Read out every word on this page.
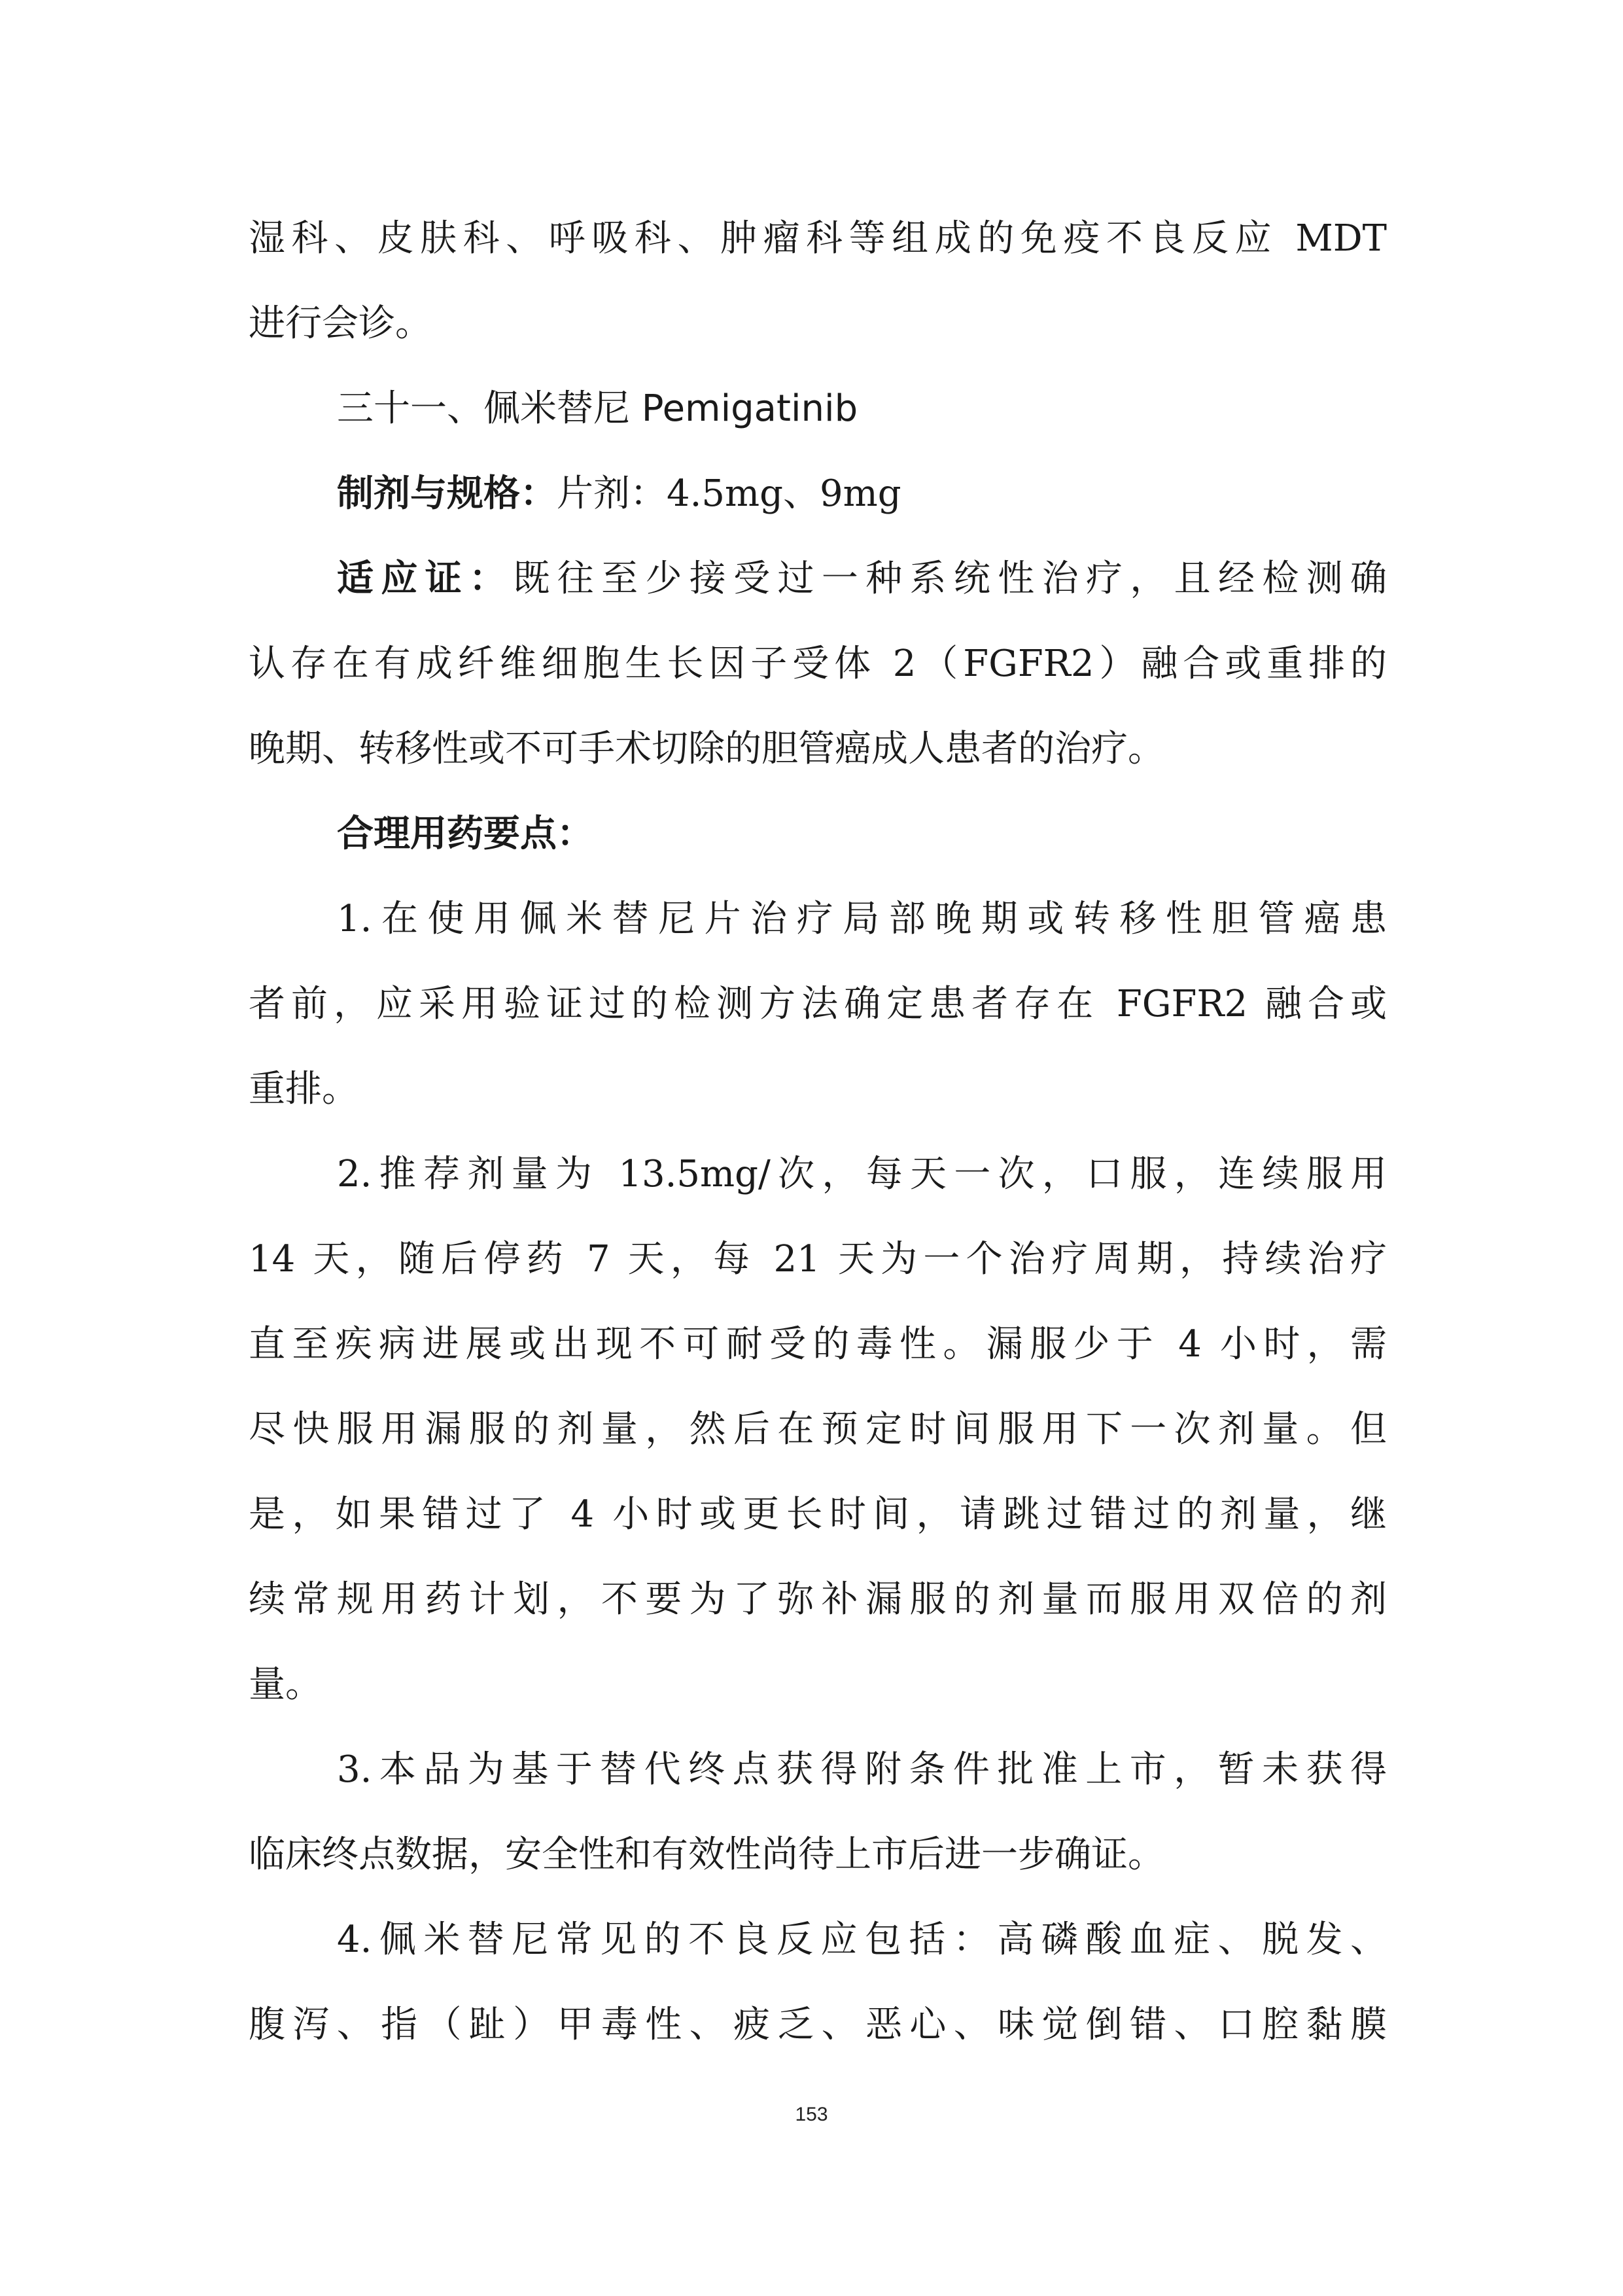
湿科、皮肤科、呼吸科、肿瘤科等组成的免疫不良反应 MDT
进行会诊。
三十一、佩米替尼 Pemigatinib
制剂与规格：片剂：4.5mg、9mg
适应证：既往至少接受过一种系统性治疗，且经检测确
认存在有成纤维细胞生长因子受体 2（FGFR2）融合或重排的
晚期、转移性或不可手术切除的胆管癌成人患者的治疗。
合理用药要点：
1.在使用佩米替尼片治疗局部晚期或转移性胆管癌患
者前，应采用验证过的检测方法确定患者存在 FGFR2 融合或
重排。
2.推荐剂量为 13.5mg/次，每天一次，口服，连续服用
14 天，随后停药 7 天，每 21 天为一个治疗周期，持续治疗
直至疾病进展或出现不可耐受的毒性。漏服少于 4 小时，需
尽快服用漏服的剂量，然后在预定时间服用下一次剂量。但
是，如果错过了 4 小时或更长时间，请跳过错过的剂量，继
续常规用药计划，不要为了弥补漏服的剂量而服用双倍的剂
量。
3.本品为基于替代终点获得附条件批准上市，暂未获得
临床终点数据，安全性和有效性尚待上市后进一步确证。
4.佩米替尼常见的不良反应包括：高磷酸血症、脱发、
腹泻、指（趾）甲毒性、疲乏、恶心、味觉倒错、口腔黏膜
153
